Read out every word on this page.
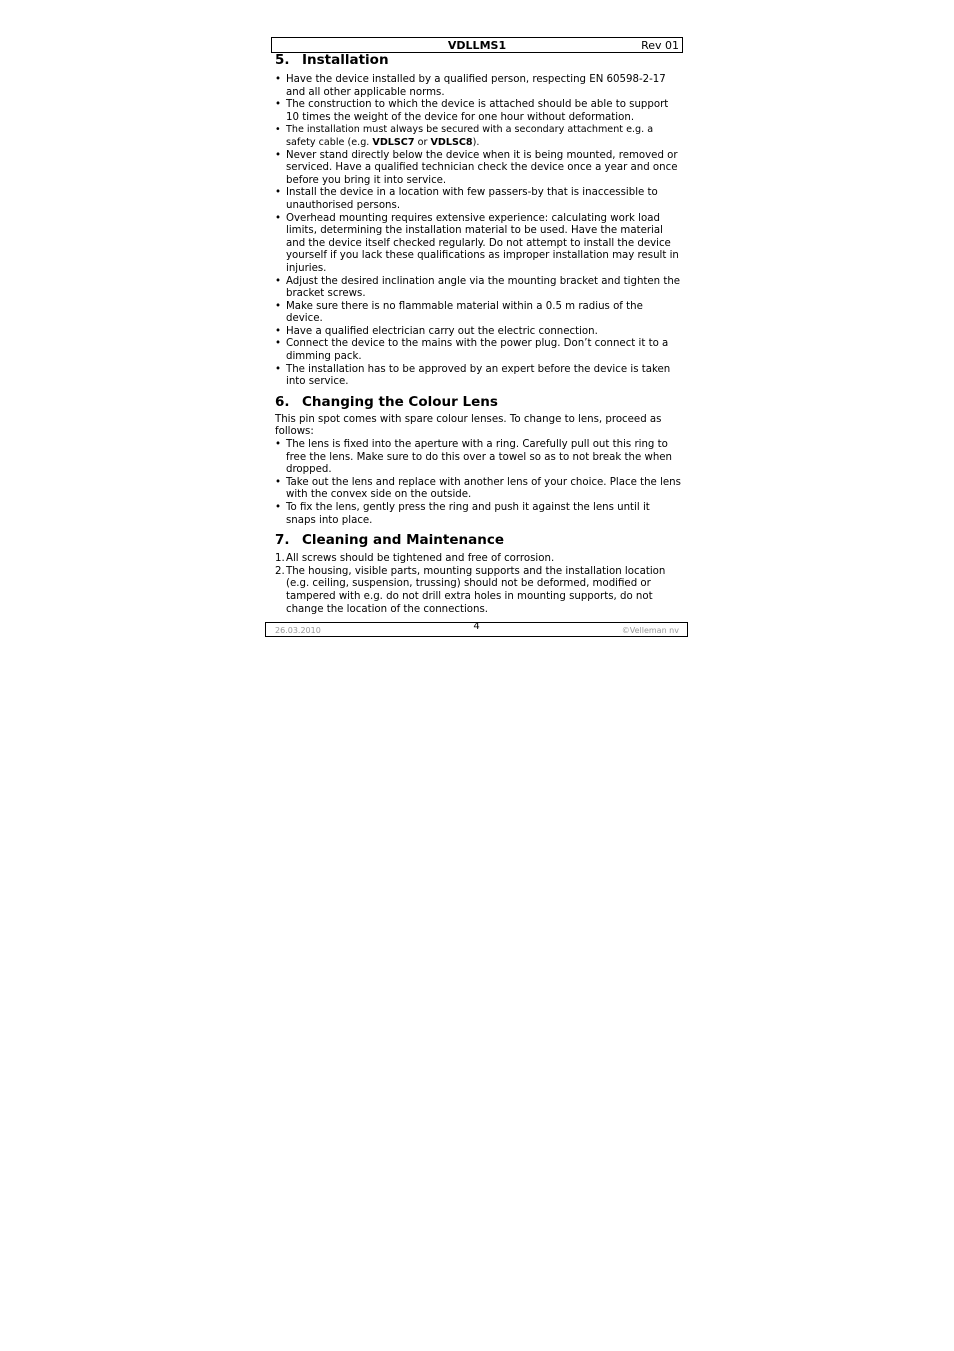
VDLLMS1	Rev 01
5. Installation
• Have the device installed by a qualified person, respecting EN 60598-2-17 and all other applicable norms.
• The construction to which the device is attached should be able to support 10 times the weight of the device for one hour without deformation.
• The installation must always be secured with a secondary attachment e.g. a safety cable (e.g. VDLSC7 or VDLSC8).
• Never stand directly below the device when it is being mounted, removed or serviced. Have a qualified technician check the device once a year and once before you bring it into service.
• Install the device in a location with few passers-by that is inaccessible to unauthorised persons.
• Overhead mounting requires extensive experience: calculating work load limits, determining the installation material to be used. Have the material and the device itself checked regularly. Do not attempt to install the device yourself if you lack these qualifications as improper installation may result in injuries.
• Adjust the desired inclination angle via the mounting bracket and tighten the bracket screws.
• Make sure there is no flammable material within a 0.5 m radius of the device.
• Have a qualified electrician carry out the electric connection.
• Connect the device to the mains with the power plug. Don’t connect it to a dimming pack.
• The installation has to be approved by an expert before the device is taken into service.
6. Changing the Colour Lens

This pin spot comes with spare colour lenses. To change to lens, proceed as follows:

• The lens is fixed into the aperture with a ring. Carefully pull out this ring to free the lens. Make sure to do this over a towel so as to not break the when dropped.
• Take out the lens and replace with another lens of your choice. Place the lens with the convex side on the outside.
• To fix the lens, gently press the ring and push it against the lens until it snaps into place.
7. Cleaning and Maintenance
1. All screws should be tightened and free of corrosion.
2. The housing, visible parts, mounting supports and the installation location (e.g. ceiling, suspension, trussing) should not be deformed, modified or tampered with e.g. do not drill extra holes in mounting supports, do not change the location of the connections.
26.03.2010	4	©Velleman nv
